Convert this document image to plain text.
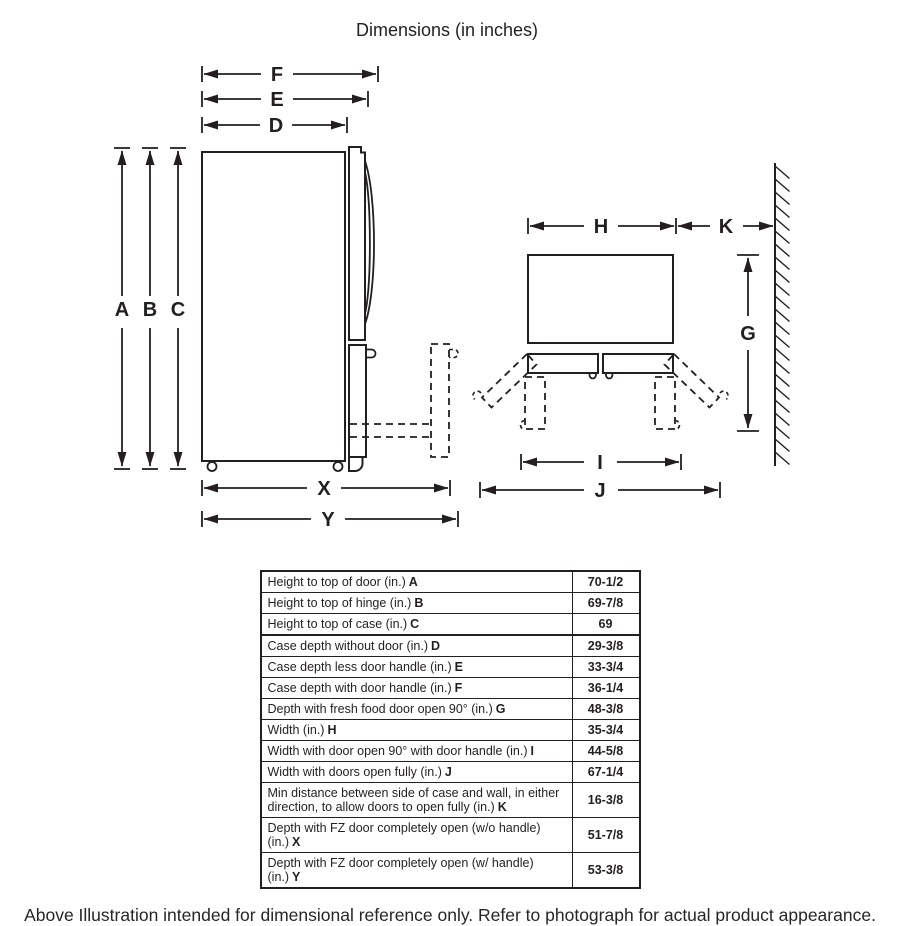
Dimensions (in inches)
F
E
D
A B C
X
Y
H	K
G
I
J
Height to top of door (in.) A	70-1/2
Height to top of hinge (in.) B	69-7/8
Height to top of case (in.) C	69
Case depth without door (in.) D	29-3/8
Case depth less door handle (in.) E	33-3/4
Case depth with door handle (in.) F	36-1/4
Depth with fresh food door open 90° (in.) G	48-3/8
Width (in.) H	35-3/4
Width with door open 90° with door handle (in.) I	44-5/8
Width with doors open fully (in.) J	67-1/4
Min distance between side of case and wall, in either direction, to allow doors to open fully (in.) K	16-3/8
Depth with FZ door completely open (w/o handle) (in.) X	51-7/8
Depth with FZ door completely open (w/ handle) (in.) Y	53-3/8
Above Illustration intended for dimensional reference only. Refer to photograph for actual product appearance.
